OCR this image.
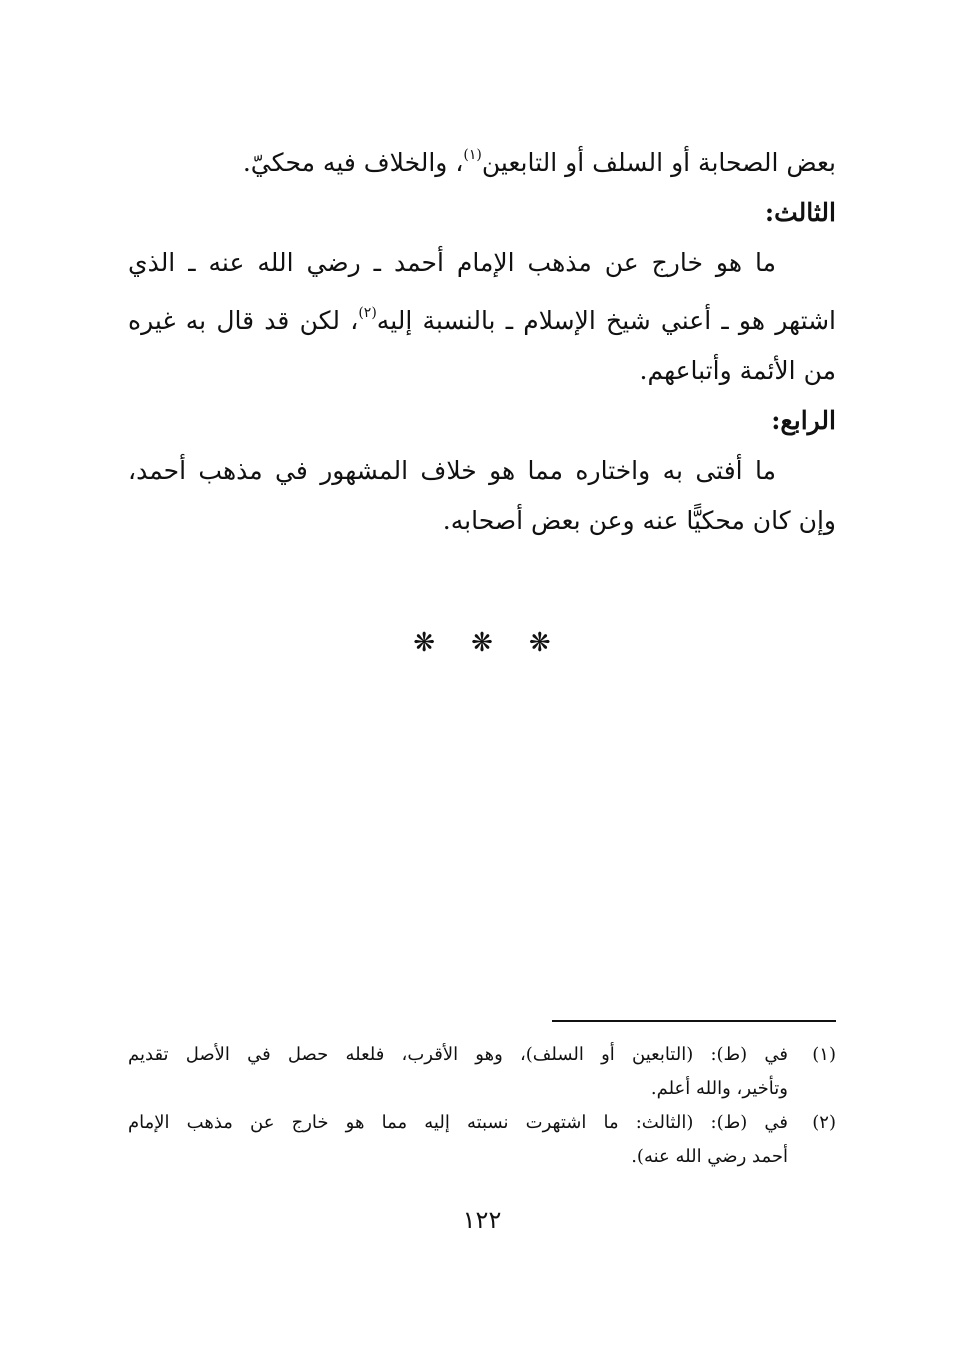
بعض الصحابة أو السلف أو التابعين$^{(١)}$، والخلاف فيه محكيّ.

الثالث:

ما هو خارج عن مذهب الإمام أحمد ـ رضي الله عنه ـ الذي

اشتهر هو ـ أعني شيخ الإسلام ـ بالنسبة إليه$^{(٢)}$، لكن قد قال به غيره

من الأئمة وأتباعهم.

الرابع:

ما أفتى به واختاره مما هو خلاف المشهور في مذهب أحمد،

وإن كان محكيًّا عنه وعن بعض أصحابه.

❋❋❋
(١)
في (ط): (التابعين أو السلف)، وهو الأقرب، فلعله حصل في الأصل تقديم
وتأخير، والله أعلم.
(٢)
في (ط): (الثالث: ما اشتهرت نسبته إليه مما هو خارج عن مذهب الإمام
أحمد رضي الله عنه).
١٢٢
